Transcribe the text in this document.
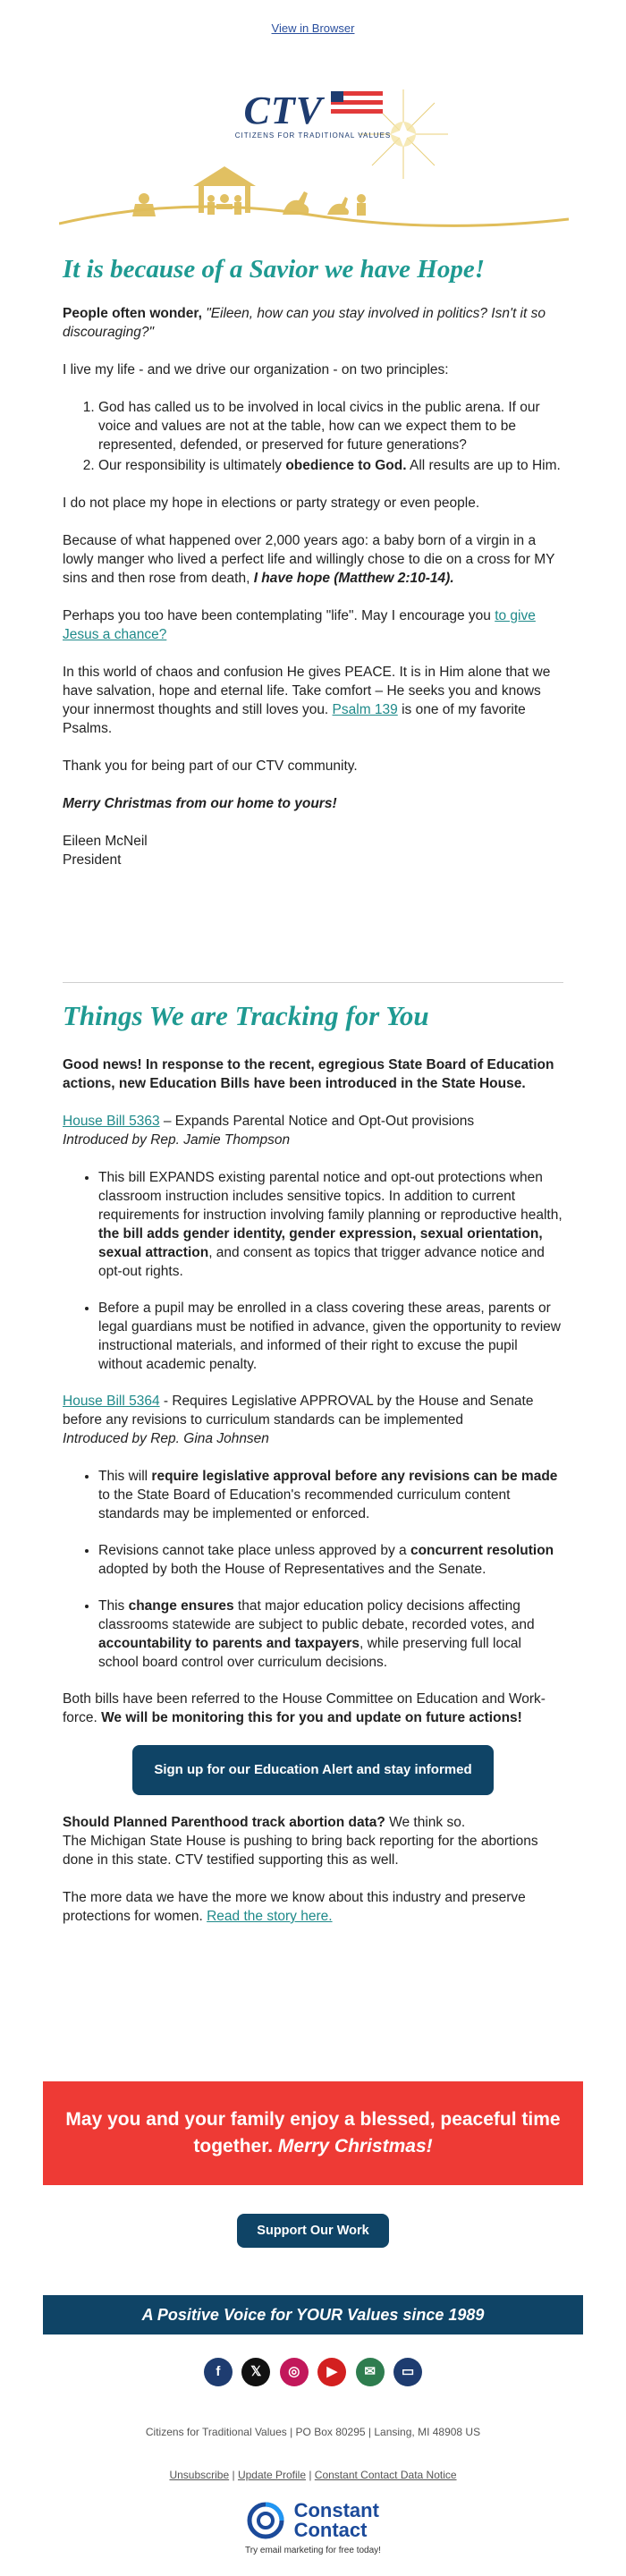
View in Browser
CTV
CITIZENS FOR TRADITIONAL VALUES
It is because of a Savior we have Hope!

People often wonder, "Eileen, how can you stay involved in politics? Isn't it so discouraging?"

I live my life - and we drive our organization - on two principles:

1. God has called us to be involved in local civics in the public arena. If our voice and values are not at the table, how can we expect them to be represented, defended, or preserved for future generations?
2. Our responsibility is ultimately obedience to God. All results are up to Him.

I do not place my hope in elections or party strategy or even people.

Because of what happened over 2,000 years ago: a baby born of a virgin in a lowly manger who lived a perfect life and willingly chose to die on a cross for MY sins and then rose from death, I have hope (Matthew 2:10-14).

Perhaps you too have been contemplating "life". May I encourage you to give Jesus a chance?

In this world of chaos and confusion He gives PEACE. It is in Him alone that we have salvation, hope and eternal life. Take comfort – He seeks you and knows your innermost thoughts and still loves you. Psalm 139 is one of my favorite Psalms.

Thank you for being part of our CTV community.

Merry Christmas from our home to yours!

Eileen McNeil

President

Things We are Tracking for You

Good news! In response to the recent, egregious State Board of Education actions, new Education Bills have been introduced in the State House.

House Bill 5363 – Expands Parental Notice and Opt-Out provisions

Introduced by Rep. Jamie Thompson

• This bill EXPANDS existing parental notice and opt-out protections when classroom instruction includes sensitive topics. In addition to current requirements for instruction involving family planning or reproductive health, the bill adds gender identity, gender expression, sexual orientation, sexual attraction, and consent as topics that trigger advance notice and opt-out rights.
• Before a pupil may be enrolled in a class covering these areas, parents or legal guardians must be notified in advance, given the opportunity to review instructional materials, and informed of their right to excuse the pupil without academic penalty.

House Bill 5364 - Requires Legislative APPROVAL by the House and Senate before any revisions to curriculum standards can be implemented

Introduced by Rep. Gina Johnsen

• This will require legislative approval before any revisions can be made to the State Board of Education's recommended curriculum content standards may be implemented or enforced.
• Revisions cannot take place unless approved by a concurrent resolution adopted by both the House of Representatives and the Senate.
• This change ensures that major education policy decisions affecting classrooms statewide are subject to public debate, recorded votes, and accountability to parents and taxpayers, while preserving full local school board control over curriculum decisions.

Both bills have been referred to the House Committee on Education and Work-force. We will be monitoring this for you and update on future actions!

Sign up for our Education Alert and stay informed

Should Planned Parenthood track abortion data? We think so.

The Michigan State House is pushing to bring back reporting for the abortions done in this state. CTV testified supporting this as well.

The more data we have the more we know about this industry and preserve protections for women. Read the story here.

May you and your family enjoy a blessed, peaceful time together. Merry Christmas!
Support Our Work
A Positive Voice for YOUR Values since 1989
f 𝕏 ◎ ▶ ✉ ▭
Citizens for Traditional Values | PO Box 80295 | Lansing, MI 48908 US
Unsubscribe | Update Profile | Constant Contact Data Notice
Constant
Contact
Try email marketing for free today!
